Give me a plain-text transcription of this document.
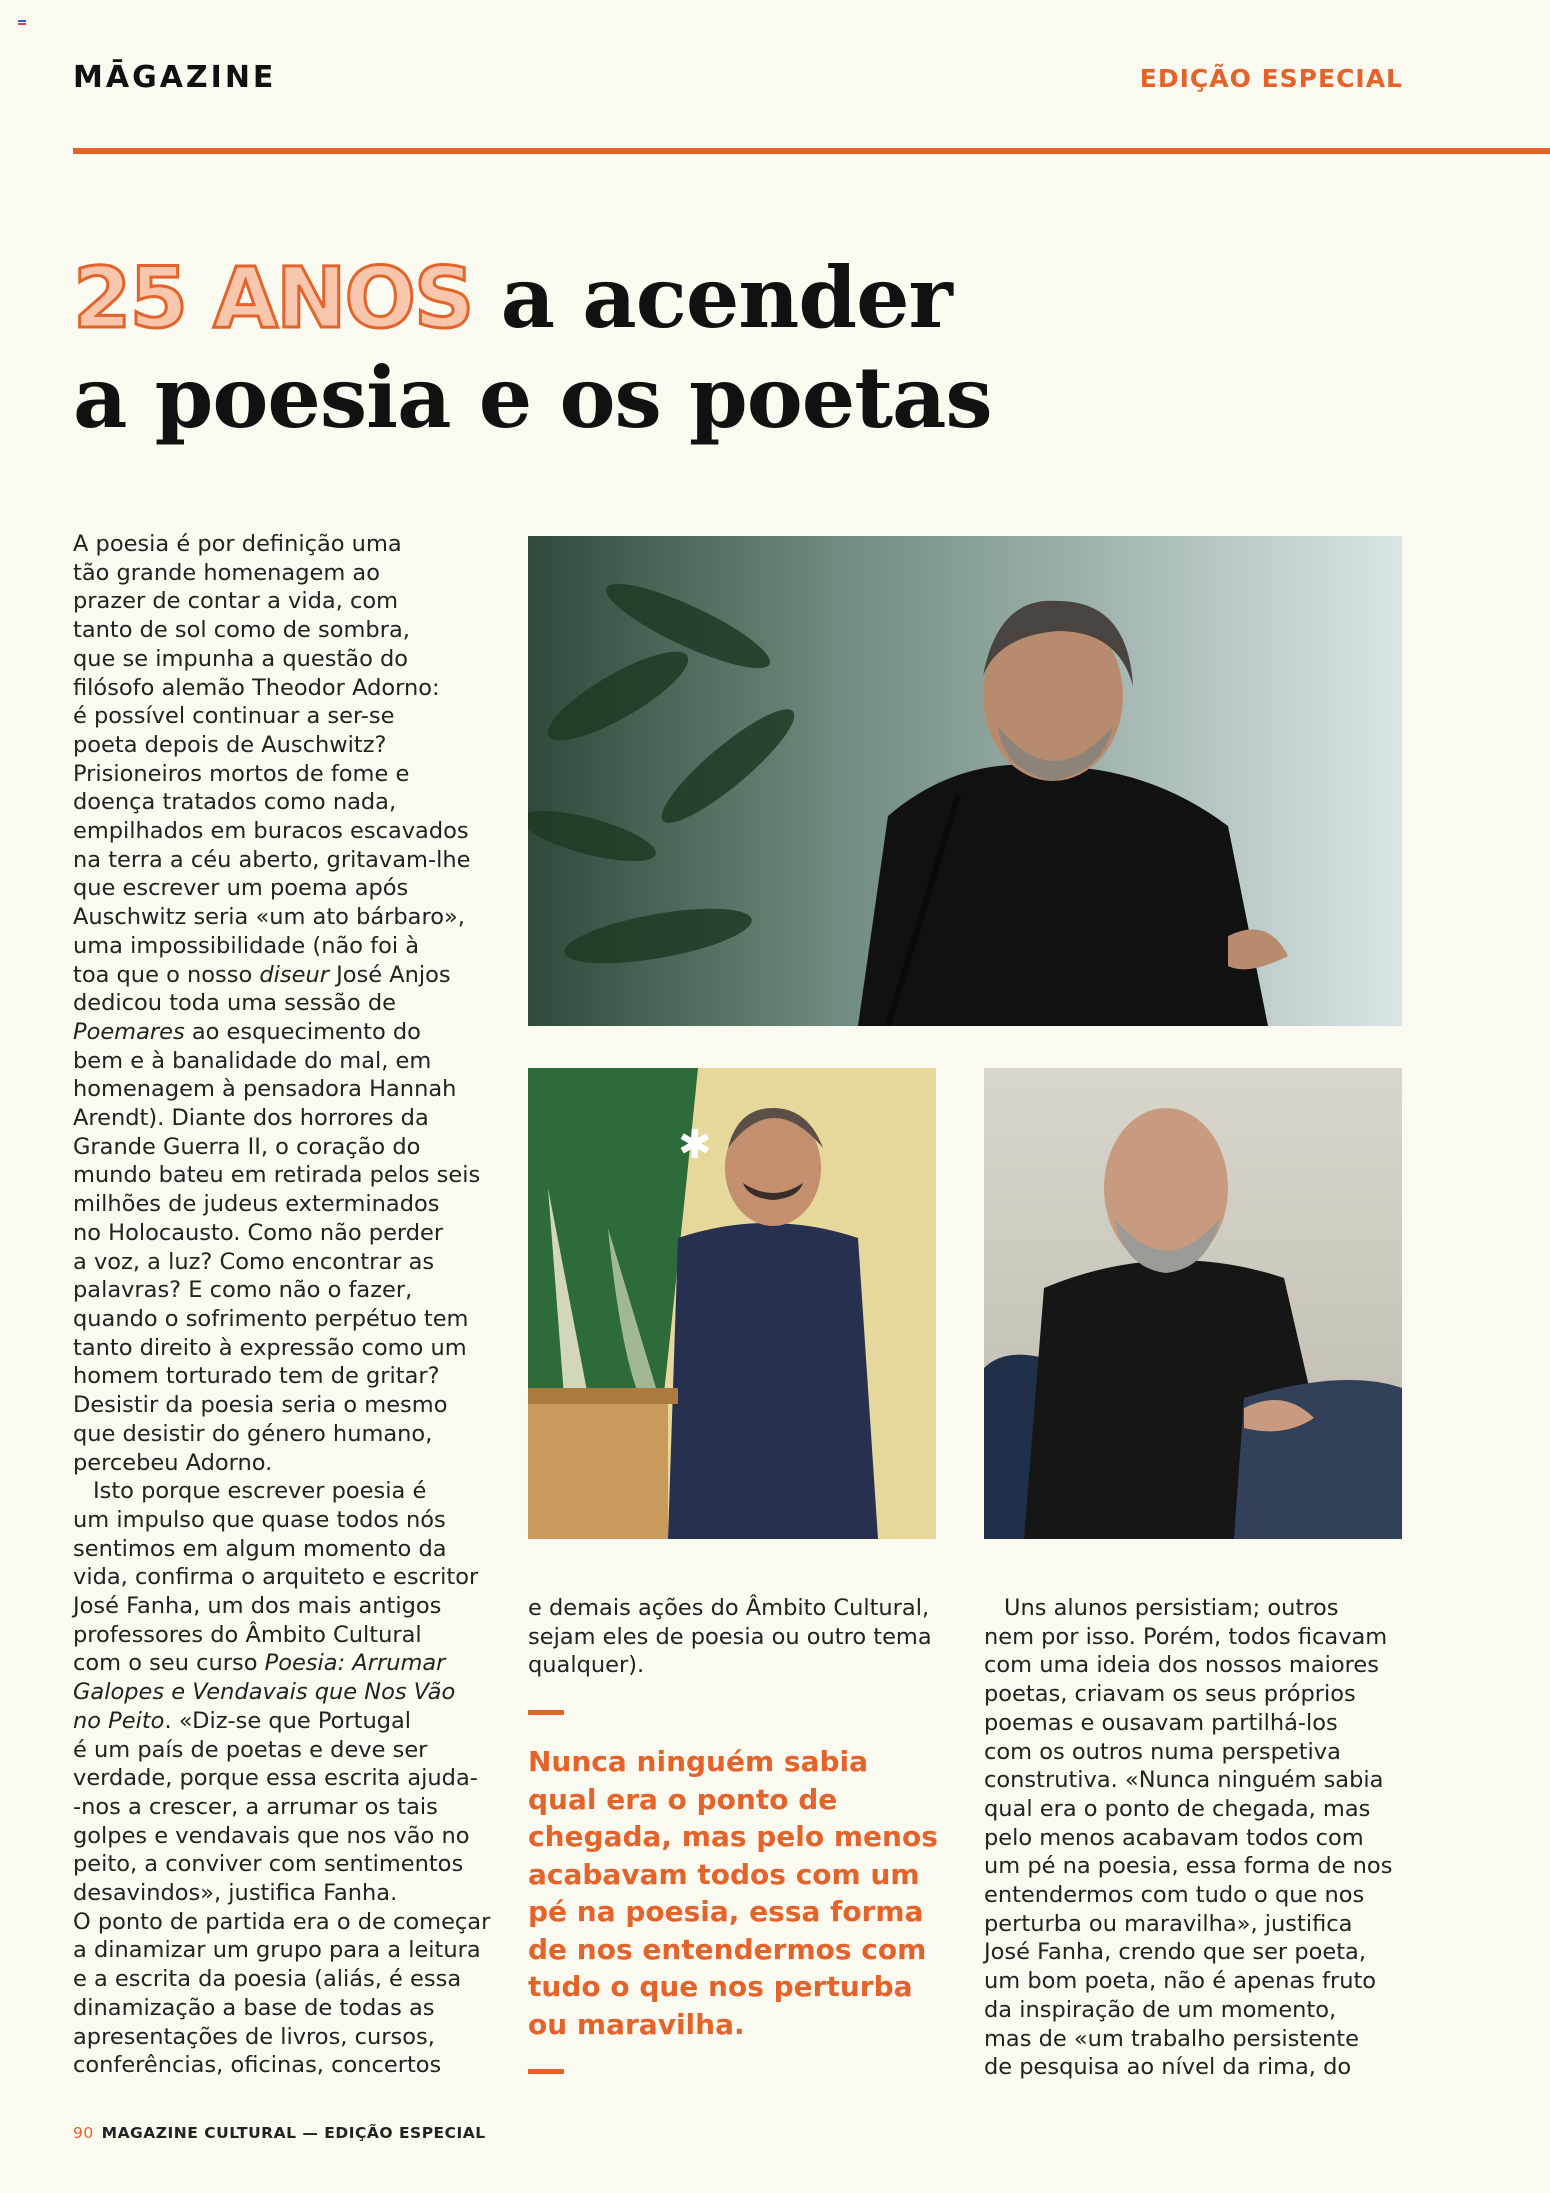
MĀGAZINE	EDIÇÃO ESPECIAL
25 ANOS a acender
a poesia e os poetas

A poesia é por definição uma
tão grande homenagem ao
prazer de contar a vida, com
tanto de sol como de sombra,
que se impunha a questão do
filósofo alemão Theodor Adorno:
é possível continuar a ser-se
poeta depois de Auschwitz?
Prisioneiros mortos de fome e
doença tratados como nada,
empilhados em buracos escavados
na terra a céu aberto, gritavam-lhe
que escrever um poema após
Auschwitz seria «um ato bárbaro»,
uma impossibilidade (não foi à
toa que o nosso diseur José Anjos
dedicou toda uma sessão de
Poemares ao esquecimento do
bem e à banalidade do mal, em
homenagem à pensadora Hannah
Arendt). Diante dos horrores da
Grande Guerra II, o coração do
mundo bateu em retirada pelos seis
milhões de judeus exterminados
no Holocausto. Como não perder
a voz, a luz? Como encontrar as
palavras? E como não o fazer,
quando o sofrimento perpétuo tem
tanto direito à expressão como um
homem torturado tem de gritar?
Desistir da poesia seria o mesmo
que desistir do género humano,
percebeu Adorno.

Isto porque escrever poesia é
um impulso que quase todos nós
sentimos em algum momento da
vida, confirma o arquiteto e escritor
José Fanha, um dos mais antigos
professores do Âmbito Cultural
com o seu curso Poesia: Arrumar
Galopes e Vendavais que Nos Vão
no Peito. «Diz-se que Portugal
é um país de poetas e deve ser
verdade, porque essa escrita ajuda-
-nos a crescer, a arrumar os tais
golpes e vendavais que nos vão no
peito, a conviver com sentimentos
desavindos», justifica Fanha.

O ponto de partida era o de começar
a dinamizar um grupo para a leitura
e a escrita da poesia (aliás, é essa
dinamização a base de todas as
apresentações de livros, cursos,
conferências, oficinas, concertos

✱

e demais ações do Âmbito Cultural,
sejam eles de poesia ou outro tema
qualquer).

Nunca ninguém sabia
qual era o ponto de
chegada, mas pelo menos
acabavam todos com um
pé na poesia, essa forma
de nos entendermos com
tudo o que nos perturba
ou maravilha.

Uns alunos persistiam; outros
nem por isso. Porém, todos ficavam
com uma ideia dos nossos maiores
poetas, criavam os seus próprios
poemas e ousavam partilhá-los
com os outros numa perspetiva
construtiva. «Nunca ninguém sabia
qual era o ponto de chegada, mas
pelo menos acabavam todos com
um pé na poesia, essa forma de nos
entendermos com tudo o que nos
perturba ou maravilha», justifica
José Fanha, crendo que ser poeta,
um bom poeta, não é apenas fruto
da inspiração de um momento,
mas de «um trabalho persistente
de pesquisa ao nível da rima, do

90 MAGAZINE CULTURAL — EDIÇÃO ESPECIAL
